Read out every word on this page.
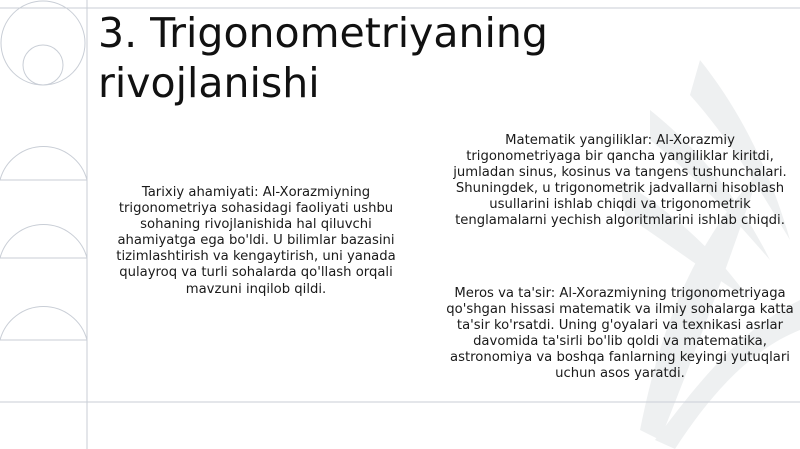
3. Trigonometriyaning rivojlanishi

Tarixiy ahamiyati: Al-Xorazmiyning trigonometriya sohasidagi faoliyati ushbu sohaning rivojlanishida hal qiluvchi ahamiyatga ega bo'ldi. U bilimlar bazasini tizimlashtirish va kengaytirish, uni yanada qulayroq va turli sohalarda qo'llash orqali mavzuni inqilob qildi.

Matematik yangiliklar: Al-Xorazmiy trigonometriyaga bir qancha yangiliklar kiritdi, jumladan sinus, kosinus va tangens tushunchalari. Shuningdek, u trigonometrik jadvallarni hisoblash usullarini ishlab chiqdi va trigonometrik tenglamalarni yechish algoritmlarini ishlab chiqdi.

Meros va ta'sir: Al-Xorazmiyning trigonometriyaga qo'shgan hissasi matematik va ilmiy sohalarga katta ta'sir ko'rsatdi. Uning g'oyalari va texnikasi asrlar davomida ta'sirli bo'lib qoldi va matematika, astronomiya va boshqa fanlarning keyingi yutuqlari uchun asos yaratdi.
